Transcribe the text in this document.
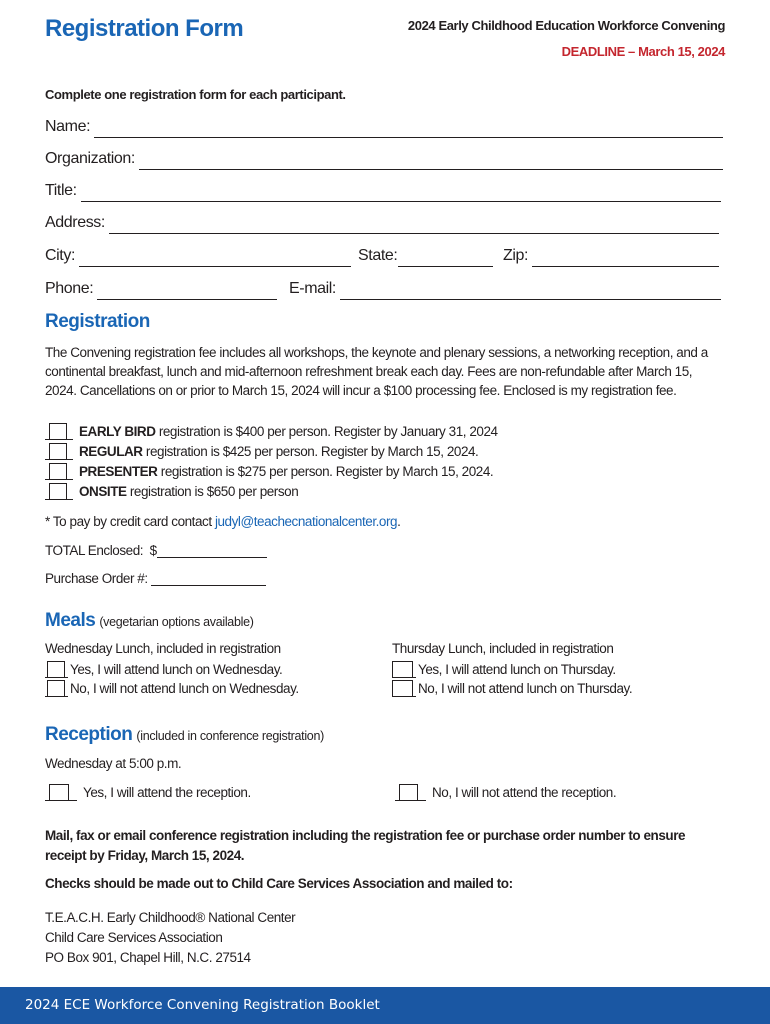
Registration Form	2024 Early Childhood Education Workforce Convening
DEADLINE – March 15, 2024
Complete one registration form for each participant.
Name:
Organization:
Title:
Address:
City:	State:	Zip:
Phone:	E-mail:
Registration
The Convening registration fee includes all workshops, the keynote and plenary sessions, a networking reception, and a continental breakfast, lunch and mid-afternoon refreshment break each day. Fees are non-refundable after March 15, 2024. Cancellations on or prior to March 15, 2024 will incur a $100 processing fee. Enclosed is my registration fee.
EARLY BIRD registration is $400 per person. Register by January 31, 2024
REGULAR registration is $425 per person. Register by March 15, 2024.
PRESENTER registration is $275 per person. Register by March 15, 2024.
ONSITE registration is $650 per person
* To pay by credit card contact judyl@teachecnationalcenter.org.
TOTAL Enclosed:  $
Purchase Order #:
Meals (vegetarian options available)
Wednesday Lunch, included in registration
Yes, I will attend lunch on Wednesday.
No, I will not attend lunch on Wednesday.
Thursday Lunch, included in registration
Yes, I will attend lunch on Thursday.
No, I will not attend lunch on Thursday.
Reception (included in conference registration)
Wednesday at 5:00 p.m.
Yes, I will attend the reception.	No, I will not attend the reception.
Mail, fax or email conference registration including the registration fee or purchase order number to ensure receipt by Friday, March 15, 2024.
Checks should be made out to Child Care Services Association and mailed to:
T.E.A.C.H. Early Childhood® National Center
Child Care Services Association
PO Box 901, Chapel Hill, N.C. 27514
2024 ECE Workforce Convening Registration Booklet
